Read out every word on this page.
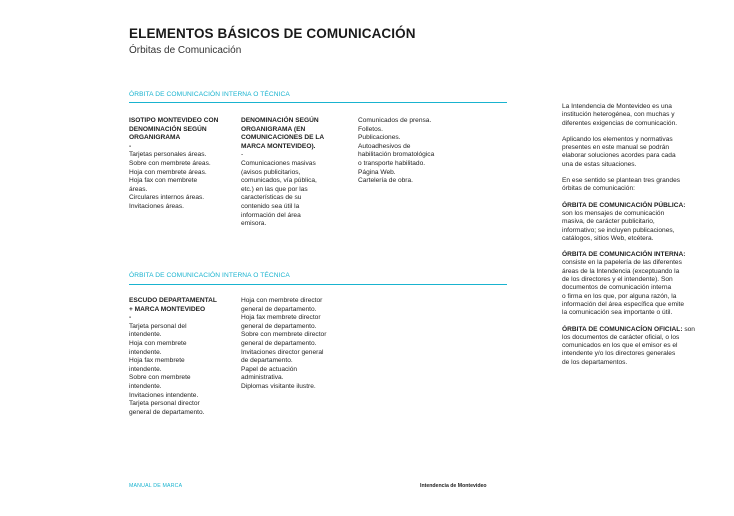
ELEMENTOS BÁSICOS DE COMUNICACIÓN
Órbitas de Comunicación
ÓRBITA DE COMUNICACIÓN INTERNA O TÉCNICA
ISOTIPO MONTEVIDEO CON
DENOMINACIÓN SEGÚN
ORGANIGRAMA
-
Tarjetas personales áreas.
Sobre con membrete áreas.
Hoja con membrete áreas.
Hoja fax con membrete
áreas.
Circulares internos áreas.
Invitaciones áreas.
DENOMINACIÓN SEGÚN
ORGANIGRAMA (EN
COMUNICACIONES DE LA
MARCA MONTEVIDEO).
-
Comunicaciones masivas
(avisos publicitarios,
comunicados, vía pública,
etc.) en las que por las
características de su
contenido sea útil la
información del área
emisora.
Comunicados de prensa.
Folletos.
Publicaciones.
Autoadhesivos de
habilitación bromatológica
o transporte habilitado.
Página Web.
Cartelería de obra.
ÓRBITA DE COMUNICACIÓN INTERNA O TÉCNICA
ESCUDO DEPARTAMENTAL
+ MARCA MONTEVIDEO
-
Tarjeta personal del
intendente.
Hoja con membrete
intendente.
Hoja fax membrete
intendente.
Sobre con membrete
intendente.
Invitaciones intendente.
Tarjeta personal director
general de departamento.
Hoja con membrete director
general de departamento.
Hoja fax membrete director
general de departamento.
Sobre con membrete director
general de departamento.
Invitaciones director general
de departamento.
Papel de actuación
administrativa.
Diplomas visitante ilustre.

La Intendencia de Montevideo es una
institución heterogénea, con muchas y
diferentes exigencias de comunicación.

Aplicando los elementos y normativas
presentes en este manual se podrán
elaborar soluciones acordes para cada
una de estas situaciones.

En ese sentido se plantean tres grandes
órbitas de comunicación:

ÓRBITA DE COMUNICACIÓN PÚBLICA:
son los mensajes de comunicación
masiva, de carácter publicitario,
informativo; se incluyen publicaciones,
catálogos, sitios Web, etcétera.

ÓRBITA DE COMUNICACIÓN INTERNA:
consiste en la papelería de las diferentes
áreas de la Intendencia (exceptuando la
de los directores y el intendente). Son
documentos de comunicación interna
o firma en los que, por alguna razón, la
información del área específica que emite
la comunicación sea importante o útil.

ÓRBITA DE COMUNICACÍON OFICIAL: son
los documentos de carácter oficial, o los
comunicados en los que el emisor es el
intendente y/o los directores generales
de los departamentos.

MANUAL DE MARCA	Intendencia de Montevideo
